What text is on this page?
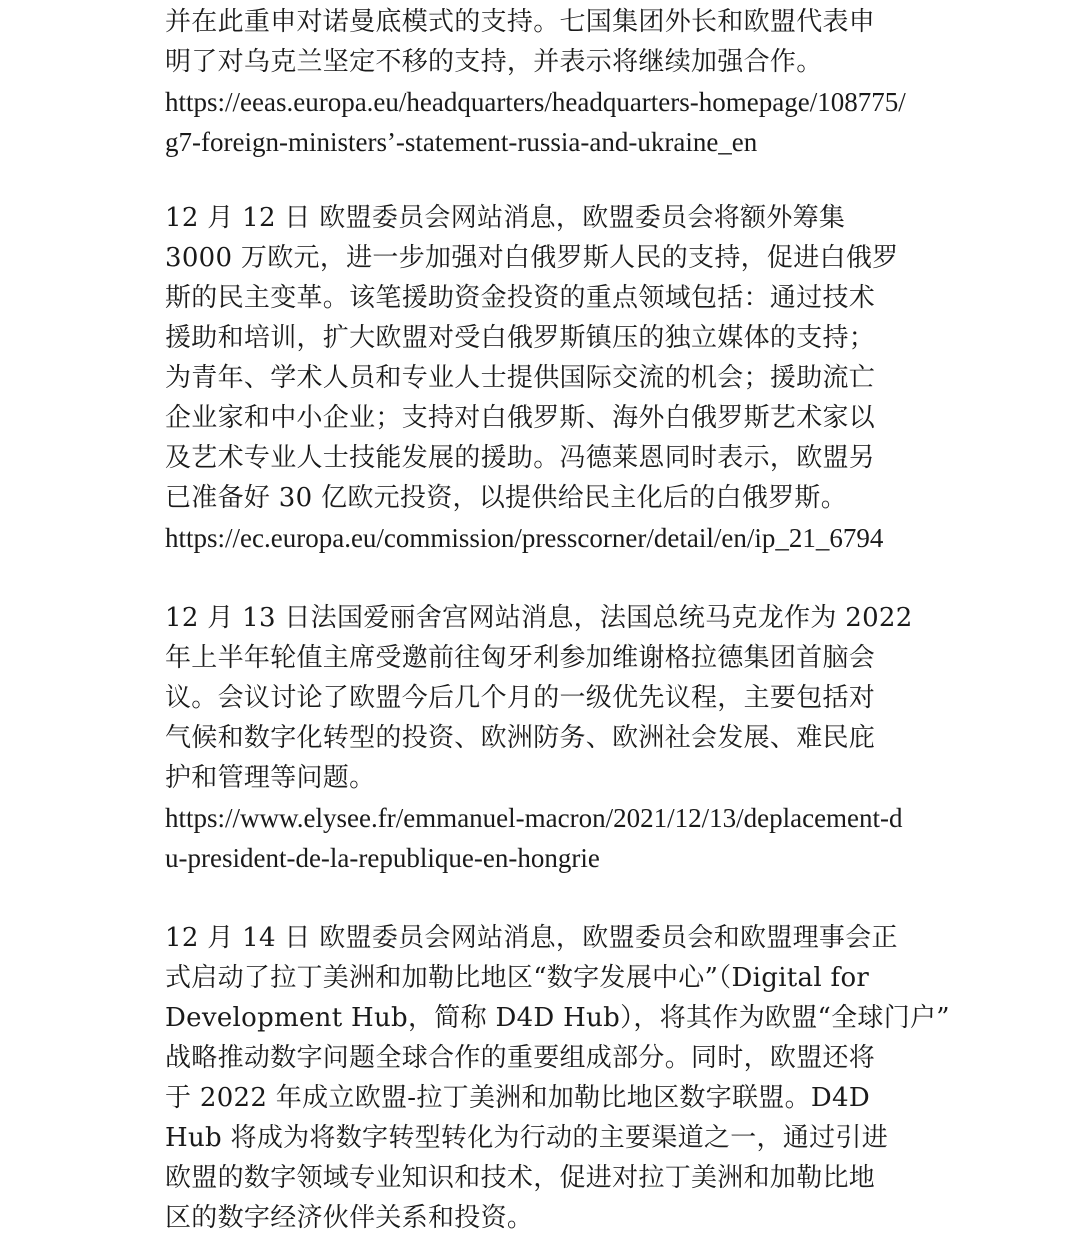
并在此重申对诺曼底模式的支持。七国集团外长和欧盟代表申
明了对乌克兰坚定不移的支持，并表示将继续加强合作。
https://eeas.europa.eu/headquarters/headquarters-homepage/108775/
g7-foreign-ministers’-statement-russia-and-ukraine_en
12 月 12 日 欧盟委员会网站消息，欧盟委员会将额外筹集
3000 万欧元，进一步加强对白俄罗斯人民的支持，促进白俄罗
斯的民主变革。该笔援助资金投资的重点领域包括：通过技术
援助和培训，扩大欧盟对受白俄罗斯镇压的独立媒体的支持；
为青年、学术人员和专业人士提供国际交流的机会；援助流亡
企业家和中小企业；支持对白俄罗斯、海外白俄罗斯艺术家以
及艺术专业人士技能发展的援助。冯德莱恩同时表示，欧盟另
已准备好 30 亿欧元投资，以提供给民主化后的白俄罗斯。
https://ec.europa.eu/commission/presscorner/detail/en/ip_21_6794
12 月 13 日法国爱丽舍宫网站消息，法国总统马克龙作为 2022
年上半年轮值主席受邀前往匈牙利参加维谢格拉德集团首脑会
议。会议讨论了欧盟今后几个月的一级优先议程，主要包括对
气候和数字化转型的投资、欧洲防务、欧洲社会发展、难民庇
护和管理等问题。
https://www.elysee.fr/emmanuel-macron/2021/12/13/deplacement-d
u-president-de-la-republique-en-hongrie
12 月 14 日 欧盟委员会网站消息，欧盟委员会和欧盟理事会正
式启动了拉丁美洲和加勒比地区“数字发展中心”（Digital for
Development Hub，简称 D4D Hub），将其作为欧盟“全球门户”
战略推动数字问题全球合作的重要组成部分。同时，欧盟还将
于 2022 年成立欧盟-拉丁美洲和加勒比地区数字联盟。D4D
Hub 将成为将数字转型转化为行动的主要渠道之一，通过引进
欧盟的数字领域专业知识和技术，促进对拉丁美洲和加勒比地
区的数字经济伙伴关系和投资。
